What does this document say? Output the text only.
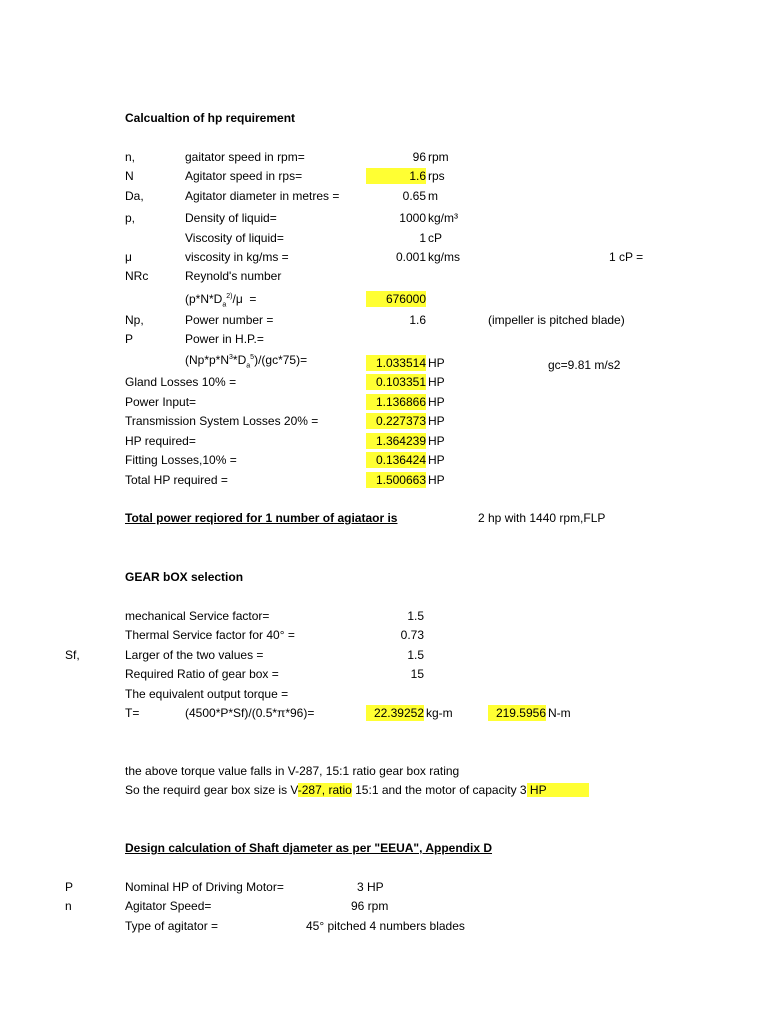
Calcualtion of hp requirement
n,	gaitator speed in rpm=	96 rpm
N	Agitator speed in rps=	1.6 rps
Da,	Agitator diameter in metres =	0.65 m
p,	Density of liquid=	1000 kg/m³
Viscosity of liquid=	1 cP
μ	viscosity in kg/ms =	0.001 kg/ms	1 cP =
NRc	Reynold's number
($p*N*D_a^{2)}/\mu$  =	676000
Np,	Power number =	1.6	(impeller is pitched blade)
P	Power in H.P.=
$(Np*p*N^3*D_a^5)/(gc*75)=$	1.033514 HP	gc=9.81 m/s2
Gland Losses 10% =	0.103351 HP
Power Input=	1.136866 HP
Transmission System Losses 20% =	0.227373 HP
HP required=	1.364239 HP
Fitting Losses,10% =	0.136424 HP
Total HP required =	1.500663 HP
Total power reqiored for 1 number of agiataor is	2 hp with 1440 rpm,FLP
GEAR bOX selection
mechanical Service factor=	1.5
Thermal Service factor for 40° =	0.73
Sf,	Larger of the two values =	1.5
Required Ratio of gear box =	15
The equivalent output torque =
T=	(4500*P*Sf)/(0.5*π*96)=	22.39252 kg-m	219.5956 N-m
the above torque value falls in V-287, 15:1 ratio gear box rating
So the requird gear box size is V-287, ratio 15:1 and the motor of capacity 3 HP
Design calculation of Shaft djameter as per "EEUA", Appendix D
P	Nominal HP of Driving Motor=	3 HP
n	Agitator Speed=	96 rpm
Type of agitator =	45° pitched 4 numbers blades
